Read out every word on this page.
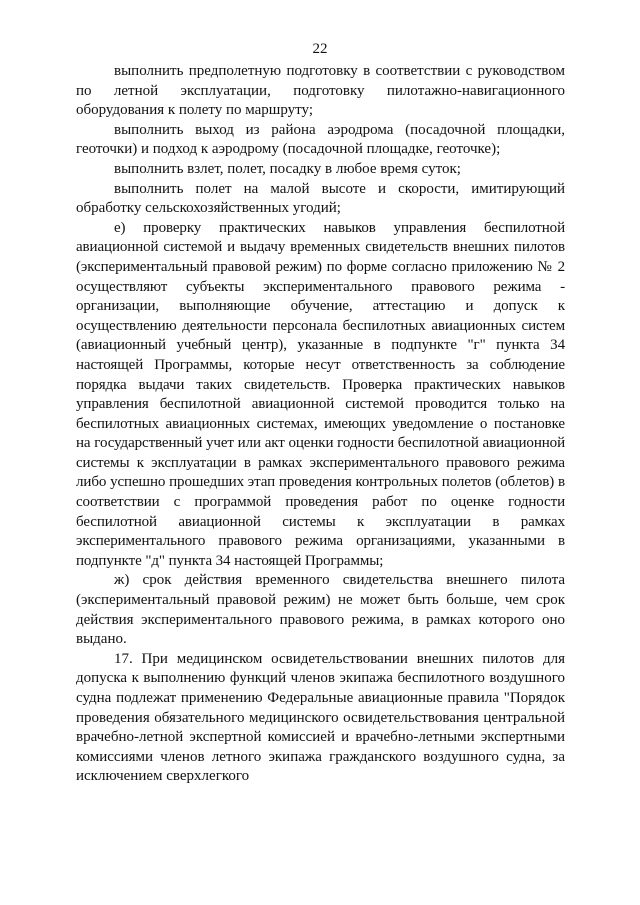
22

выполнить предполетную подготовку в соответствии с руководством по летной эксплуатации, подготовку пилотажно-навигационного оборудования к полету по маршруту;

выполнить выход из района аэродрома (посадочной площадки, геоточки) и подход к аэродрому (посадочной площадке, геоточке);

выполнить взлет, полет, посадку в любое время суток;

выполнить полет на малой высоте и скорости, имитирующий обработку сельскохозяйственных угодий;

е) проверку практических навыков управления беспилотной авиационной системой и выдачу временных свидетельств внешних пилотов (экспериментальный правовой режим) по форме согласно приложению № 2 осуществляют субъекты экспериментального правового режима - организации, выполняющие обучение, аттестацию и допуск к осуществлению деятельности персонала беспилотных авиационных систем (авиационный учебный центр), указанные в подпункте "г" пункта 34 настоящей Программы, которые несут ответственность за соблюдение порядка выдачи таких свидетельств. Проверка практических навыков управления беспилотной авиационной системой проводится только на беспилотных авиационных системах, имеющих уведомление о постановке на государственный учет или акт оценки годности беспилотной авиационной системы к эксплуатации в рамках экспериментального правового режима либо успешно прошедших этап проведения контрольных полетов (облетов) в соответствии с программой проведения работ по оценке годности беспилотной авиационной системы к эксплуатации в рамках экспериментального правового режима организациями, указанными в подпункте "д" пункта 34 настоящей Программы;

ж) срок действия временного свидетельства внешнего пилота (экспериментальный правовой режим) не может быть больше, чем срок действия экспериментального правового режима, в рамках которого оно выдано.

17. При медицинском освидетельствовании внешних пилотов для допуска к выполнению функций членов экипажа беспилотного воздушного судна подлежат применению Федеральные авиационные правила "Порядок проведения обязательного медицинского освидетельствования центральной врачебно-летной экспертной комиссией и врачебно-летными экспертными комиссиями членов летного экипажа гражданского воздушного судна, за исключением сверхлегкого
